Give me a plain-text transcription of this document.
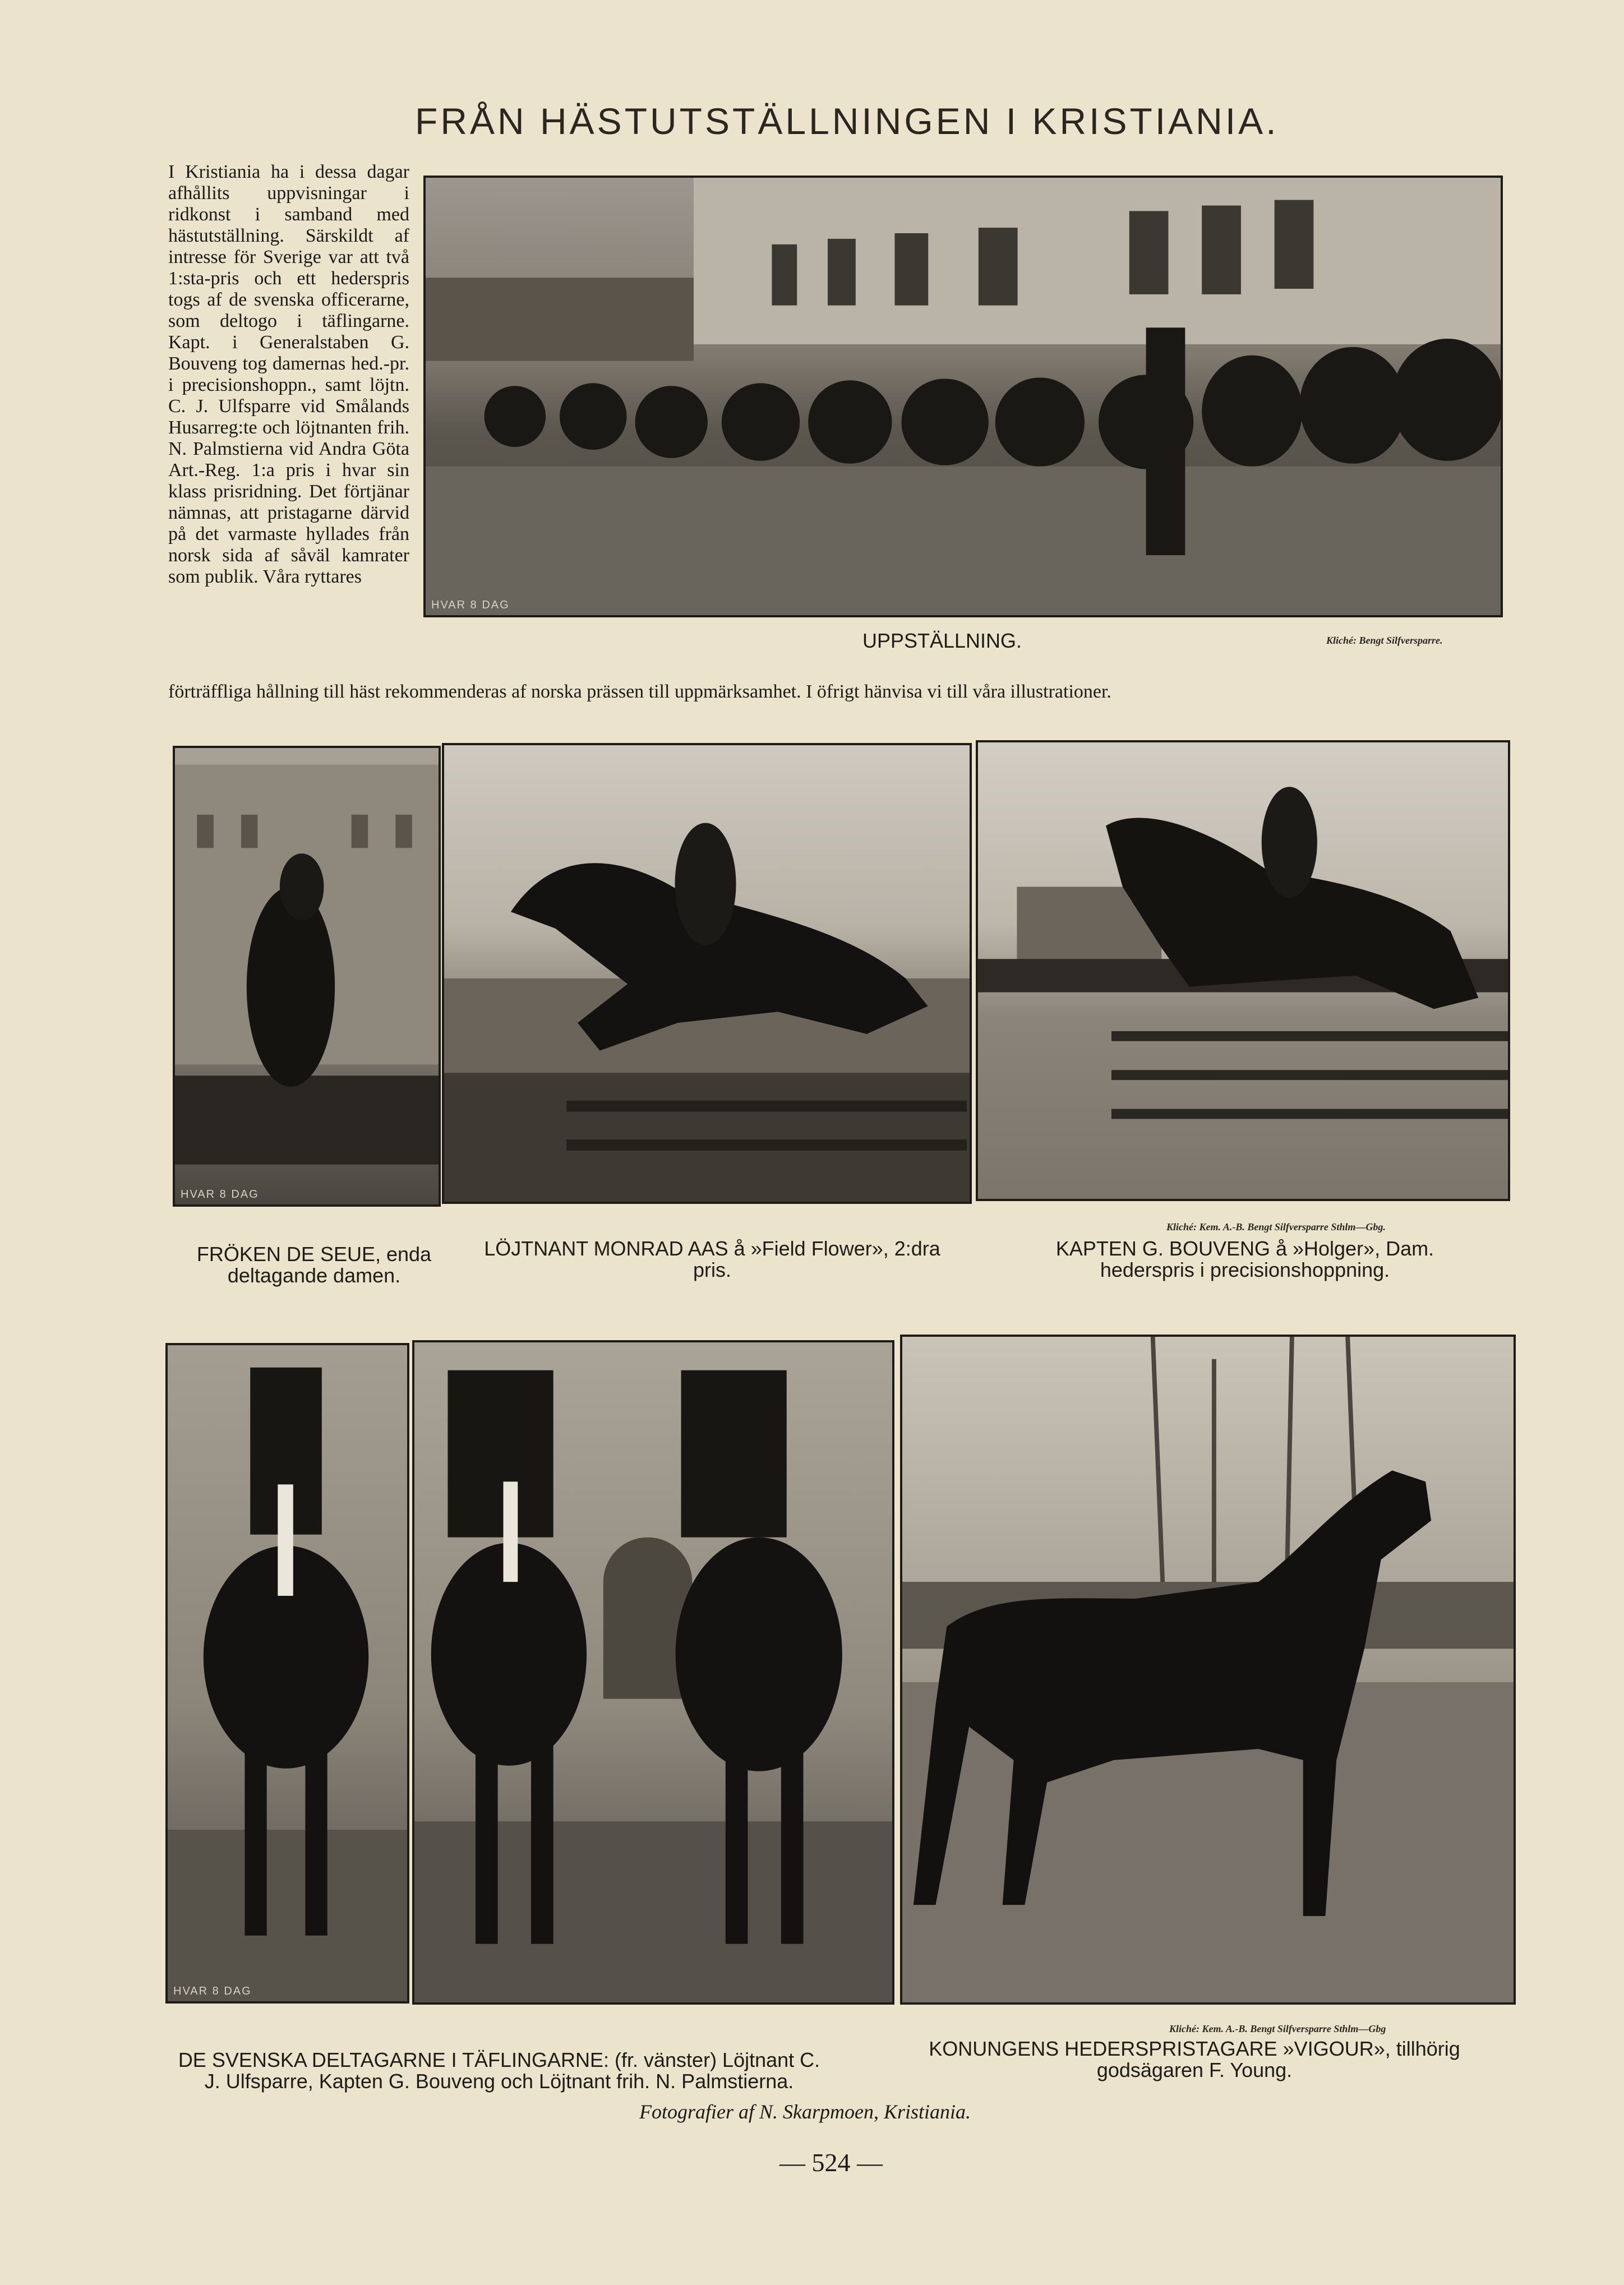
FRÅN HÄSTUTSTÄLLNINGEN I KRISTIANIA.
I Kristiania ha i dessa dagar afhållits uppvisningar i ridkonst i samband med hästutställning. Särskildt af intresse för Sverige var att två 1:sta-pris och ett hederspris togs af de svenska officerarne, som deltogo i täflingarne. Kapt. i Generalstaben G. Bouveng tog damernas hed.-pr. i precisionshoppn., samt löjtn. C. J. Ulfsparre vid Smålands Husarreg:te och löjtnanten frih. N. Palmstierna vid Andra Göta Art.-Reg. 1:a pris i hvar sin klass prisridning. Det förtjänar nämnas, att pristagarne därvid på det varmaste hyllades från norsk sida af såväl kamrater som publik. Våra ryttares
förträffliga hållning till häst rekommenderas af norska prässen till uppmärksamhet. I öfrigt hänvisa vi till våra illustrationer.
HVAR 8 DAG
UPPSTÄLLNING.	Kliché: Bengt Silfversparre.
HVAR 8 DAG
FRÖKEN DE SEUE, enda deltagande damen.
LÖJTNANT MONRAD AAS å »Field Flower», 2:dra pris.
Kliché: Kem. A.-B. Bengt Silfversparre Sthlm—Gbg.
KAPTEN G. BOUVENG å »Holger», Dam. hederspris i precisionshoppning.
HVAR 8 DAG
Kliché: Kem. A.-B. Bengt Silfversparre Sthlm—Gbg
DE SVENSKA DELTAGARNE I TÄFLINGARNE: (fr. vänster) Löjtnant C. J. Ulfsparre, Kapten G. Bouveng och Löjtnant frih. N. Palmstierna.
KONUNGENS HEDERSPRISTAGARE »VIGOUR», tillhörig godsägaren F. Young.
Fotografier af N. Skarpmoen, Kristiania.
— 524 —
